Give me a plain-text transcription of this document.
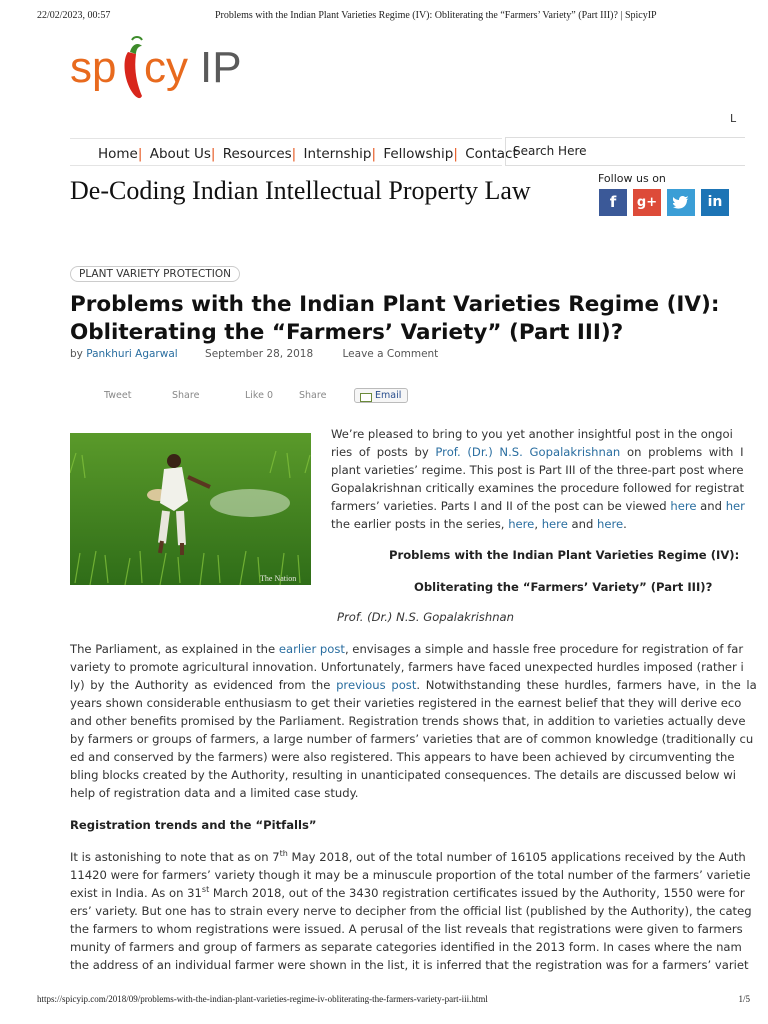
22/02/2023, 00:57	Problems with the Indian Plant Varieties Regime (IV): Obliterating the “Farmers’ Variety” (Part III)? | SpicyIP
sp cy IP
L
Home| About Us| Resources| Internship| Fellowship| Contact
Search Here
De-Coding Indian Intellectual Property Law	Follow us on
f	g+	in
PLANT VARIETY PROTECTION
Problems with the Indian Plant Varieties Regime (IV):
Obliterating the “Farmers’ Variety” (Part III)?
by Pankhuri Agarwal	September 28, 2018	Leave a Comment
Tweet	Share	Like 0	Share	Email
The Nation
We’re pleased to bring to you yet another insightful post in the ongoi
ries of posts by Prof. (Dr.) N.S. Gopalakrishnan on problems with I
plant varieties’ regime. This post is Part III of the three-part post where
Gopalakrishnan critically examines the procedure followed for registrat
farmers’ varieties. Parts I and II of the post can be viewed here and her
the earlier posts in the series, here, here and here.
Problems with the Indian Plant Varieties Regime (IV):
Obliterating the “Farmers’ Variety” (Part III)?
Prof. (Dr.) N.S. Gopalakrishnan
The Parliament, as explained in the earlier post, envisages a simple and hassle free procedure for registration of far
variety to promote agricultural innovation. Unfortunately, farmers have faced unexpected hurdles imposed (rather i
ly) by the Authority as evidenced from the previous post. Notwithstanding these hurdles, farmers have, in the la
years shown considerable enthusiasm to get their varieties registered in the earnest belief that they will derive eco
and other benefits promised by the Parliament. Registration trends shows that, in addition to varieties actually deve
by farmers or groups of farmers, a large number of farmers’ varieties that are of common knowledge (traditionally cu
ed and conserved by the farmers) were also registered. This appears to have been achieved by circumventing the
bling blocks created by the Authority, resulting in unanticipated consequences. The details are discussed below wi
help of registration data and a limited case study.
Registration trends and the “Pitfalls”
It is astonishing to note that as on 7th May 2018, out of the total number of 16105 applications received by the Auth
11420 were for farmers’ variety though it may be a minuscule proportion of the total number of the farmers’ varietie
exist in India. As on 31st March 2018, out of the 3430 registration certificates issued by the Authority, 1550 were for
ers’ variety. But one has to strain every nerve to decipher from the official list (published by the Authority), the categ
the farmers to whom registrations were issued. A perusal of the list reveals that registrations were given to farmers
munity of farmers and group of farmers as separate categories identified in the 2013 form. In cases where the nam
the address of an individual farmer were shown in the list, it is inferred that the registration was for a farmers’ variet
https://spicyip.com/2018/09/problems-with-the-indian-plant-varieties-regime-iv-obliterating-the-farmers-variety-part-iii.html	1/5
